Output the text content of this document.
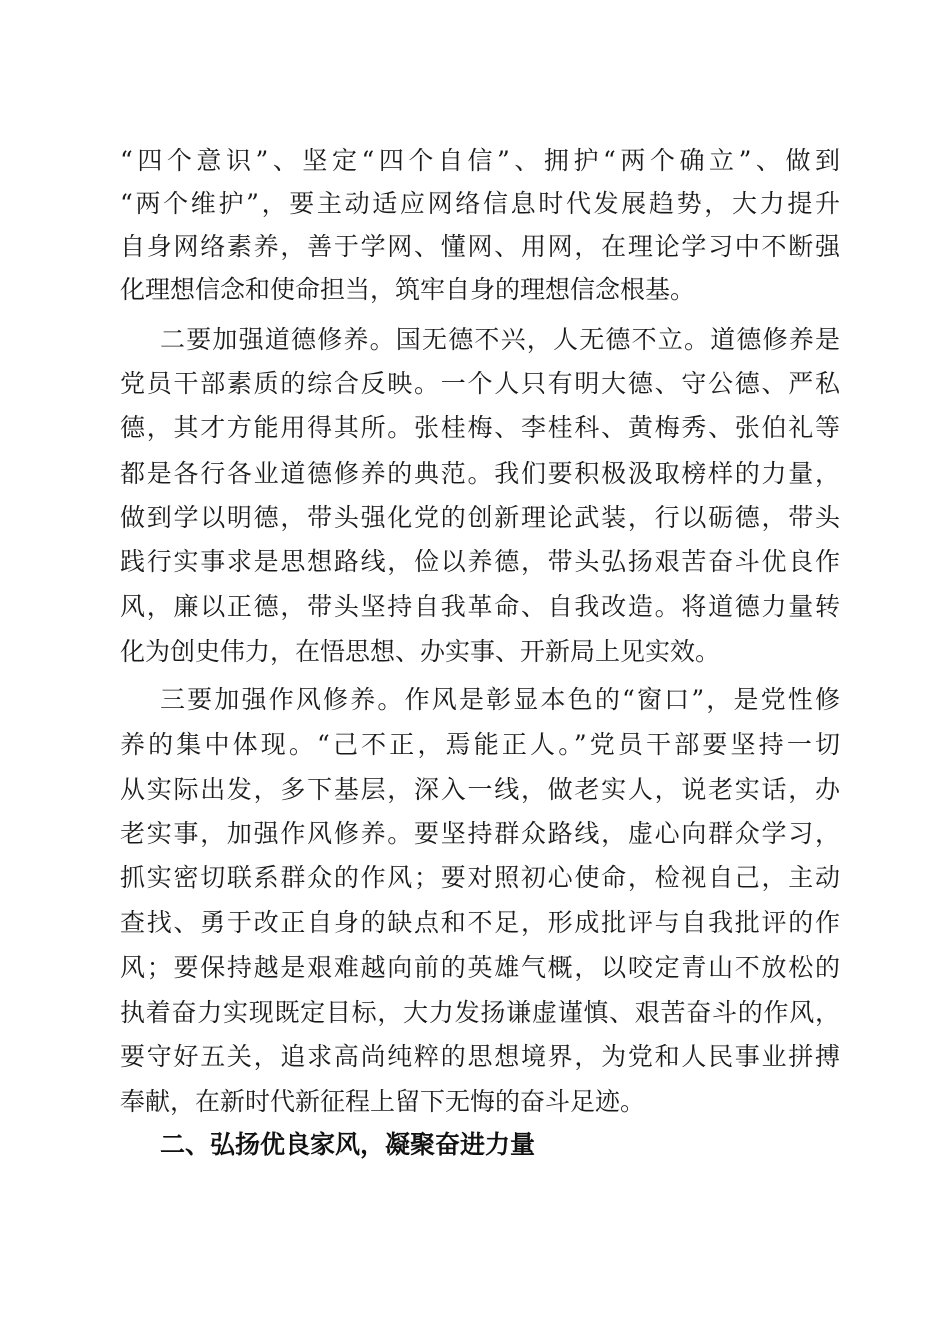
“四个意识”、坚定“四个自信”、拥护“两个确立”、做到

“两个维护”，要主动适应网络信息时代发展趋势，大力提升

自身网络素养，善于学网、懂网、用网，在理论学习中不断强

化理想信念和使命担当，筑牢自身的理想信念根基。

二要加强道德修养。国无德不兴，人无德不立。道德修养是

党员干部素质的综合反映。一个人只有明大德、守公德、严私

德，其才方能用得其所。张桂梅、李桂科、黄梅秀、张伯礼等

都是各行各业道德修养的典范。我们要积极汲取榜样的力量，

做到学以明德，带头强化党的创新理论武装，行以砺德，带头

践行实事求是思想路线，俭以养德，带头弘扬艰苦奋斗优良作

风，廉以正德，带头坚持自我革命、自我改造。将道德力量转

化为创史伟力，在悟思想、办实事、开新局上见实效。

三要加强作风修养。作风是彰显本色的“窗口”，是党性修

养的集中体现。“己不正，焉能正人。”党员干部要坚持一切

从实际出发，多下基层，深入一线，做老实人，说老实话，办

老实事，加强作风修养。要坚持群众路线，虚心向群众学习，

抓实密切联系群众的作风；要对照初心使命，检视自己，主动

查找、勇于改正自身的缺点和不足，形成批评与自我批评的作

风；要保持越是艰难越向前的英雄气概，以咬定青山不放松的

执着奋力实现既定目标，大力发扬谦虚谨慎、艰苦奋斗的作风，

要守好五关，追求高尚纯粹的思想境界，为党和人民事业拼搏

奉献，在新时代新征程上留下无悔的奋斗足迹。

二、弘扬优良家风，凝聚奋进力量
